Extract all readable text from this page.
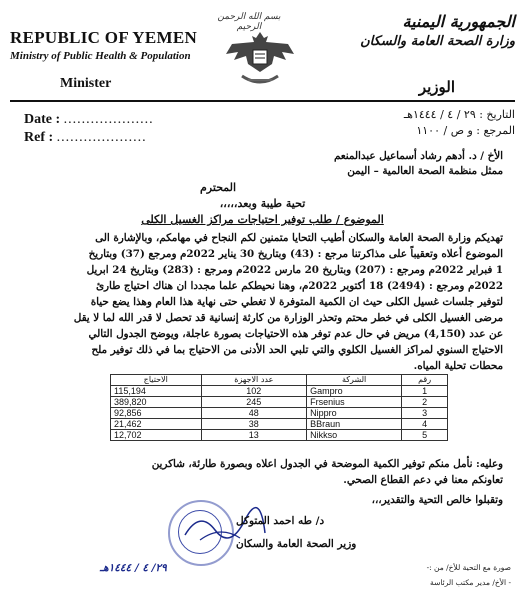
REPUBLIC OF YEMEN
Ministry of Public Health & Population
Minister
Date : ....................
Ref : ....................
بسم الله الرحمن الرحيم	الجمهورية اليمنية
وزارة الصحة العامة والسكان
الوزير
التاريخ : ٢٩ / ٤ / ١٤٤٤هـ
المرجع : و ص / ١١٠٠
الأخ / د. أدهم رشاد أسماعيل عبدالمنعم
ممثل منظمة الصحة العالمية – اليمن
المحترم
تحية طيبة وبعد،،،،،
الموضوع / طلب توفير احتياجات مراكز الغسيل الكلى
تهديكم وزارة الصحة العامة والسكان أطيب التحايا متمنين لكم النجاح في مهامكم، وبالإشارة الى
الموضوع أعلاه وتعقيباً على مذاكرتنا مرجع : (43) وبتاريخ 30 يناير 2022م ومرجع (37) وبتاريخ
1 فبراير 2022م ومرجع : (207) وبتاريخ 20 مارس 2022م ومرجع : (283) وبتاريخ 24 ابريل
2022م ومرجع : (2494) 18 أكتوبر 2022م، وهنا نحيطكم علما مجددا ان هناك احتياج طارئ
لتوفير جلسات غسيل الكلى حيث ان الكمية المتوفرة لا تغطي حتى نهاية هذا العام وهذا يضع حياة
مرضى الغسيل الكلى في خطر محتم وتحذر الوزارة من كارثة إنسانية قد تحصل لا قدر الله لما لا يقل
عن عدد (4,150) مريض في حال عدم توفر هذه الاحتياجات بصورة عاجلة، ويوضح الجدول التالي
الاحتياج السنوي لمراكز الغسيل الكلوي والتي تلبي الحد الأدنى من الاحتياج بما في ذلك توفير ملح
محطات تحلية المياه.
الاحتياج	عدد الاجهزة	الشركة	رقم
115,194	102	Gampro	1
389,820	245	Frsenius	2
92,856	48	Nippro	3
21,462	38	BBraun	4
12,702	13	Nikkso	5
وعليه: نأمل منكم توفير الكمية الموضحة في الجدول اعلاه وبصورة طارئة، شاكرين
تعاونكم معنا في دعم القطاع الصحي.
وتقبلوا خالص التحية والتقدير،،،
د/ طه احمد المتوكل
وزير الصحة العامة والسكان
٢٩/ ٤ / ١٤٤٤هـ	صورة مع التحية للأخ/ من :-
- الأخ/ مدير مكتب الرئاسة
